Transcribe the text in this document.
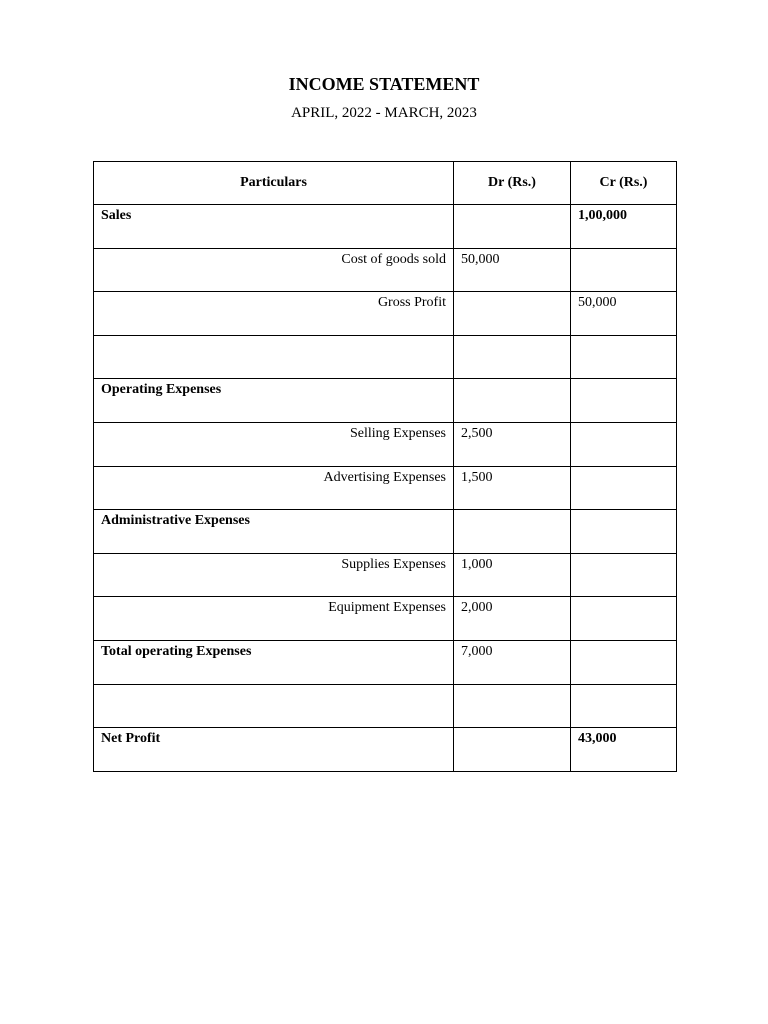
INCOME STATEMENT
APRIL, 2022 - MARCH, 2023
Particulars	Dr (Rs.)	Cr (Rs.)
Sales		1,00,000
Cost of goods sold	50,000	
Gross Profit		50,000

Operating Expenses		
Selling Expenses	2,500	
Advertising Expenses	1,500	
Administrative Expenses		
Supplies Expenses	1,000	
Equipment Expenses	2,000	
Total operating Expenses	7,000	

Net Profit		43,000
